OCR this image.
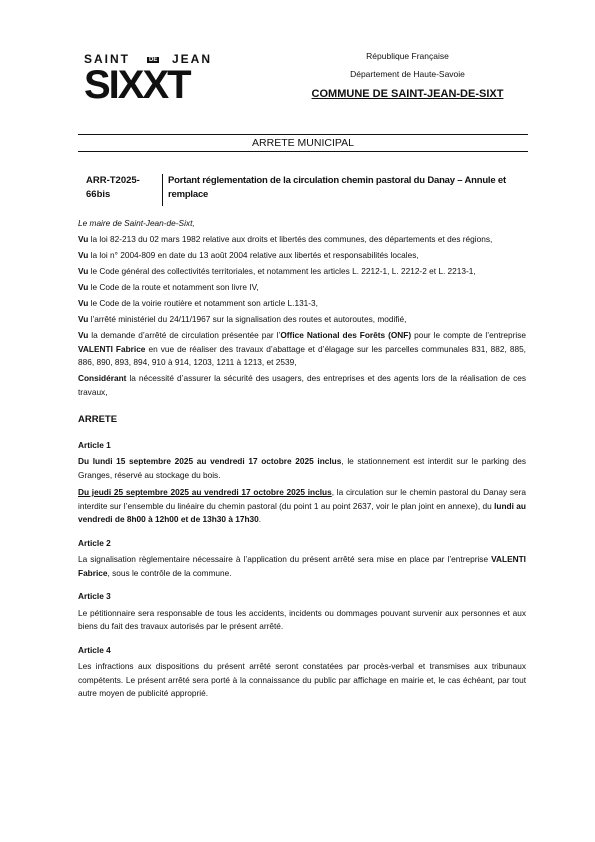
SAINT	JEAN
SIXXT
DE	République Française
Département de Haute-Savoie
COMMUNE DE SAINT-JEAN-DE-SIXT
ARRETE MUNICIPAL
ARR-T2025-66bis
Portant réglementation de la circulation chemin pastoral du Danay – Annule et remplace

Le maire de Saint-Jean-de-Sixt,

Vu la loi 82-213 du 02 mars 1982 relative aux droits et libertés des communes, des départements et des régions,

Vu la loi n° 2004-809 en date du 13 août 2004 relative aux libertés et responsabilités locales,

Vu le Code général des collectivités territoriales, et notamment les articles L. 2212-1, L. 2212-2 et L. 2213-1,

Vu le Code de la route et notamment son livre IV,

Vu le Code de la voirie routière et notamment son article L.131-3,

Vu l’arrêté ministériel du 24/11/1967 sur la signalisation des routes et autoroutes, modifié,

Vu la demande d’arrêté de circulation présentée par l’Office National des Forêts (ONF) pour le compte de l’entreprise VALENTI Fabrice en vue de réaliser des travaux d’abattage et d’élagage sur les parcelles communales 831, 882, 885, 886, 890, 893, 894, 910 à 914, 1203, 1211 à 1213, et 2539,

Considérant la nécessité d’assurer la sécurité des usagers, des entreprises et des agents lors de la réalisation de ces travaux,

ARRETE

Article 1

Du lundi 15 septembre 2025 au vendredi 17 octobre 2025 inclus, le stationnement est interdit sur le parking des Granges, réservé au stockage du bois.

Du jeudi 25 septembre 2025 au vendredi 17 octobre 2025 inclus, la circulation sur le chemin pastoral du Danay sera interdite sur l’ensemble du linéaire du chemin pastoral (du point 1 au point 2637, voir le plan joint en annexe), du lundi au vendredi de 8h00 à 12h00 et de 13h30 à 17h30.

Article 2

La signalisation règlementaire nécessaire à l’application du présent arrêté sera mise en place par l’entreprise VALENTI Fabrice, sous le contrôle de la commune.

Article 3

Le pétitionnaire sera responsable de tous les accidents, incidents ou dommages pouvant survenir aux personnes et aux biens du fait des travaux autorisés par le présent arrêté.

Article 4

Les infractions aux dispositions du présent arrêté seront constatées par procès-verbal et transmises aux tribunaux compétents. Le présent arrêté sera porté à la connaissance du public par affichage en mairie et, le cas échéant, par tout autre moyen de publicité approprié.
